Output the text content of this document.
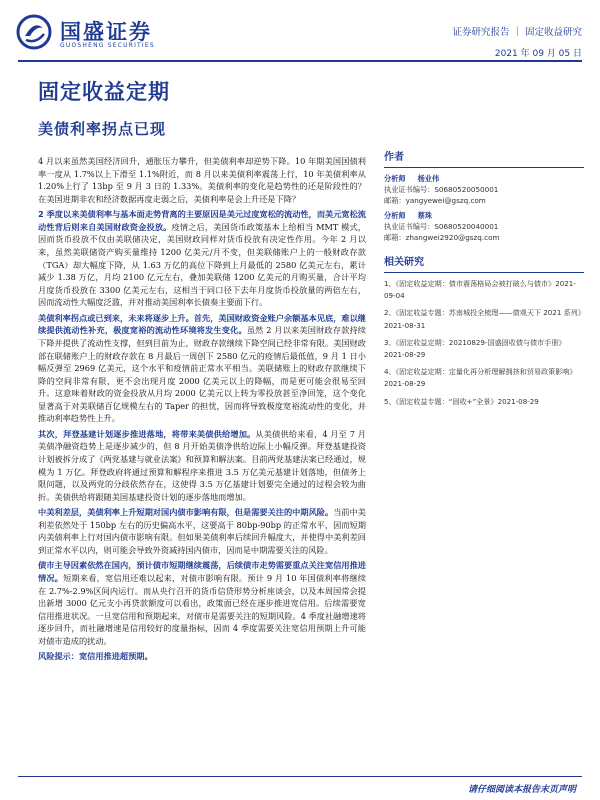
国盛证券
GUOSHENG SECURITIES
证券研究报告 ｜ 固定收益研究
2021 年 09 月 05 日
固定收益定期
美债利率拐点已现

4 月以来虽然美国经济回升，通胀压力攀升，但美债利率却逆势下降。10 年期美国国债利率一度从 1.7%以上下滑至 1.1%附近，而 8 月以来美债利率震荡上行，10 年美债利率从 1.20%上行了 13bp 至 9 月 3 日的 1.33%。美债利率的变化是趋势性的还是阶段性的？在美国进期非农和经济数据再度走弱之后，美债利率是会上升还是下降？

2 季度以来美债利率与基本面走势背离的主要原因是美元过度宽松的流动性，而美元宽松流动性背后则来自美国财政资金投放。疫情之后，美国货币政策基本上给相当 MMT 模式，因而货币投放不仅由美联储决定，美国财政同样对货币投放有决定性作用。今年 2 月以来，虽然美联储资产购买量维持 1200 亿美元/月不变，但美联储账户上的一般财政存款（TGA）却大幅度下降，从 1.63 万亿的高位下降到上月最低的 2580 亿美元左右，累计减少 1.38 万亿，月均 2100 亿元左右，叠加美联储 1200 亿美元的月购买量，合计平均月度货币投放在 3300 亿美元左右，这相当于同口径下去年月度货币投放量的两倍左右，因而流动性大幅度泛滥，并对推动美国利率长债奏主要面下行。

美债利率拐点或已到来，未来将逐步上升。首先，美国财政资金账户余额基本见底，难以继续提供流动性补充，极度宽裕的流动性环境将发生变化。虽然 2 月以来美国财政存款持续下降并提供了流动性支撑，但到目前为止，财政存款继续下降空间已经非常有限。美国财政部在联储账户上的财政存款在 8 月最后一周创下 2580 亿元的疫情后最低值，9 月 1 日小幅反弹至 2969 亿美元，这个水平和疫情前正常水平相当。美联储账上的财政存款继续下降的空间非常有限，更不会出现月度 2000 亿美元以上的降幅，而是更可能会很易至回升。这意味着财政的资金投放从月均 2000 亿美元以上转为零投放甚至净回笼，这个变化显著高于对美联储百亿规模左右的 Taper 的担忧，因而将导致极度宽裕流动性的变化，并推动利率趋势性上升。

其次，拜登基建计划逐步推进落地，将带来美债供给增加。从美债供给来看，4 月至 7 月美债净融资趋势上是逐步减少的，但 8 月开始美债净供给边际上小幅反弹。拜登基建投资计划被拆分成了《两党基建与就业法案》和预算和解法案。目前两党基建法案已经通过，规模为 1 万亿。拜登政府将通过预算和解程序来推进 3.5 万亿美元基建计划落地，但债务上限问题，以及两党的分歧依然存在，这使得 3.5 万亿基建计划要完全通过的过程会较为曲折。美债供给将跟随美国基建投资计划的逐步落地而增加。

中美利差层，美债利率上升短期对国内债市影响有限，但是需要关注的中期风险。当前中美利差依然处于 150bp 左右的历史偏高水平，这要高于 80bp-90bp 的正常水平，因而短期内美债利率上行对国内债市影响有限。但如果美债利率后续回升幅度大，并使得中美利差回到正常水平以内，则可能会导致外资减持国内债市，因而是中期需要关注的风险。

债市主导因素依然在国内，预计债市短期继续震荡，后续债市走势需要重点关注宽信用推进情况。短期来看，宽信用还难以起来，对债市影响有限。预计 9 月 10 年国债利率将继续在 2.7%-2.9%区间内运行。而从央行召开的货币信贷形势分析座谈会，以及本周国常会提出新增 3000 亿元支小再贷款额度可以看出，政策面已经在逐步推进宽信用。后续需要宽信用推进状况。一旦宽信用和预期起来，对债市是需要关注的短期风险。4 季度社融增速将逐步回升，而社融增速是信用较好的度量指标，因而 4 季度需要关注宽信用预期上升可能对债市造成的扰动。

风险提示：宽信用推进超预期。

作者
分析师 杨业伟
执业证书编号：S0680520050001
邮箱：yangyewei@gszq.com
分析师 蔡珠
执业证书编号：S0680520040001
邮箱：zhangwei2920@gszq.com
相关研究
1、《固定收益定期：债市震荡格局会被打破么与债市》2021-09-04
2、《固定收益专题：苏南城投全梳理——债观天下 2021 系列》2021-08-31
3、《固定收益定期：20210829-国盛固收债与债市手册》2021-08-29
4、《固定收益定期：定量化再分析理解拥挤和贸易政策影响》2021-08-29
5、《固定收益专题：“固收+”全景》2021-08-29
请仔细阅读本报告末页声明
